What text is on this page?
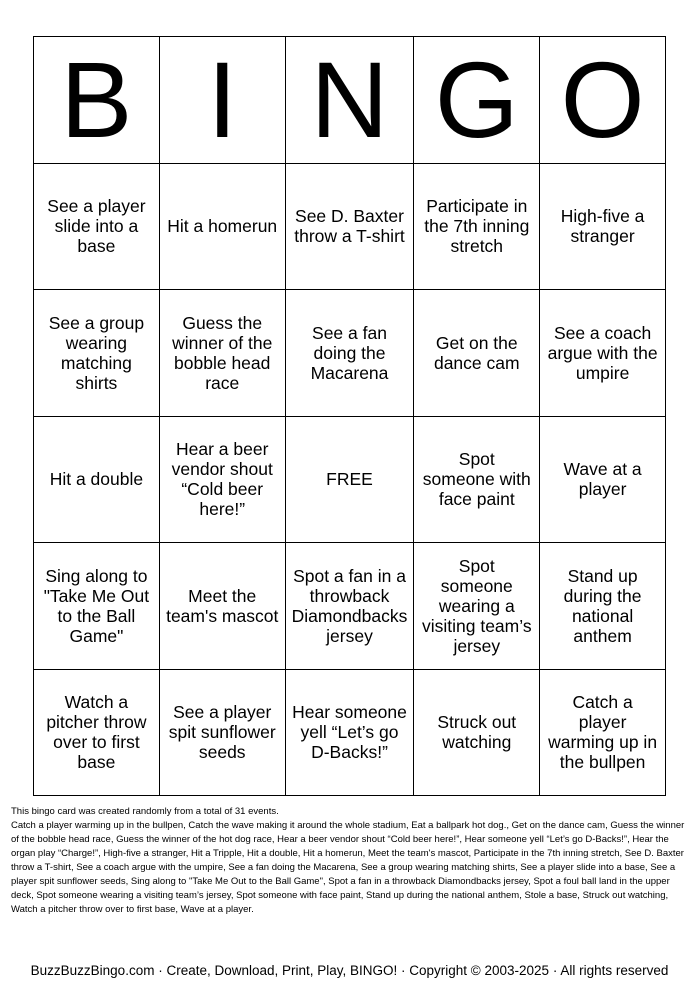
B I N G O
See a player slide into a base
Hit a homerun	See D. Baxter throw a T-shirt
Participate in the 7th inning stretch
High-five a stranger
See a group wearing matching shirts
Guess the winner of the bobble head race
See a fan doing the Macarena
Get on the dance cam
See a coach argue with the umpire
Hit a double
Hear a beer vendor shout “Cold beer here!”
FREE
Spot someone with face paint
Wave at a player
Sing along to "Take Me Out to the Ball Game"
Meet the team's mascot
Spot a fan in a throwback Diamondbacks jersey
Spot someone wearing a visiting team’s jersey
Stand up during the national anthem
Watch a pitcher throw over to first base
See a player spit sunflower seeds
Hear someone yell “Let’s go D-Backs!”
Struck out watching
Catch a player warming up in the bullpen
This bingo card was created randomly from a total of 31 events.
Catch a player warming up in the bullpen, Catch the wave making it around the whole stadium, Eat a ballpark hot dog., Get on the dance cam, Guess the winner of the bobble head race, Guess the winner of the hot dog race, Hear a beer vendor shout “Cold beer here!”, Hear someone yell “Let’s go D-Backs!”, Hear the organ play “Charge!”, High-five a stranger, Hit a Tripple, Hit a double, Hit a homerun, Meet the team's mascot, Participate in the 7th inning stretch, See D. Baxter throw a T-shirt, See a coach argue with the umpire, See a fan doing the Macarena, See a group wearing matching shirts, See a player slide into a base, See a player spit sunflower seeds, Sing along to "Take Me Out to the Ball Game", Spot a fan in a throwback Diamondbacks jersey, Spot a foul ball land in the upper deck, Spot someone wearing a visiting team’s jersey, Spot someone with face paint, Stand up during the national anthem, Stole a base, Struck out watching, Watch a pitcher throw over to first base, Wave at a player.
BuzzBuzzBingo.com · Create, Download, Print, Play, BINGO! · Copyright © 2003-2025 · All rights reserved
